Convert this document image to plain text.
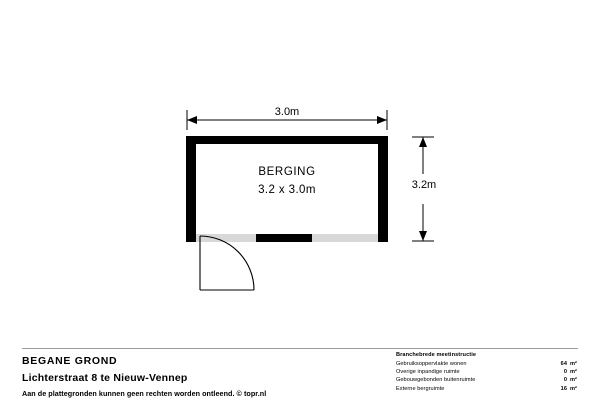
3.0m
3.2m
BERGING
3.2 x 3.0m

BEGANE GROND

Lichterstraat 8 te Nieuw-Vennep

Aan de plattegronden kunnen geen rechten worden ontleend. © topr.nl

Branchebrede meetinstructie

Gebruiksoppervlakte wonen	64 m²
Overige inpandige ruimte	0 m²
Gebouwgebonden buitenruimte	0 m²
Externe bergruimte	16 m²
